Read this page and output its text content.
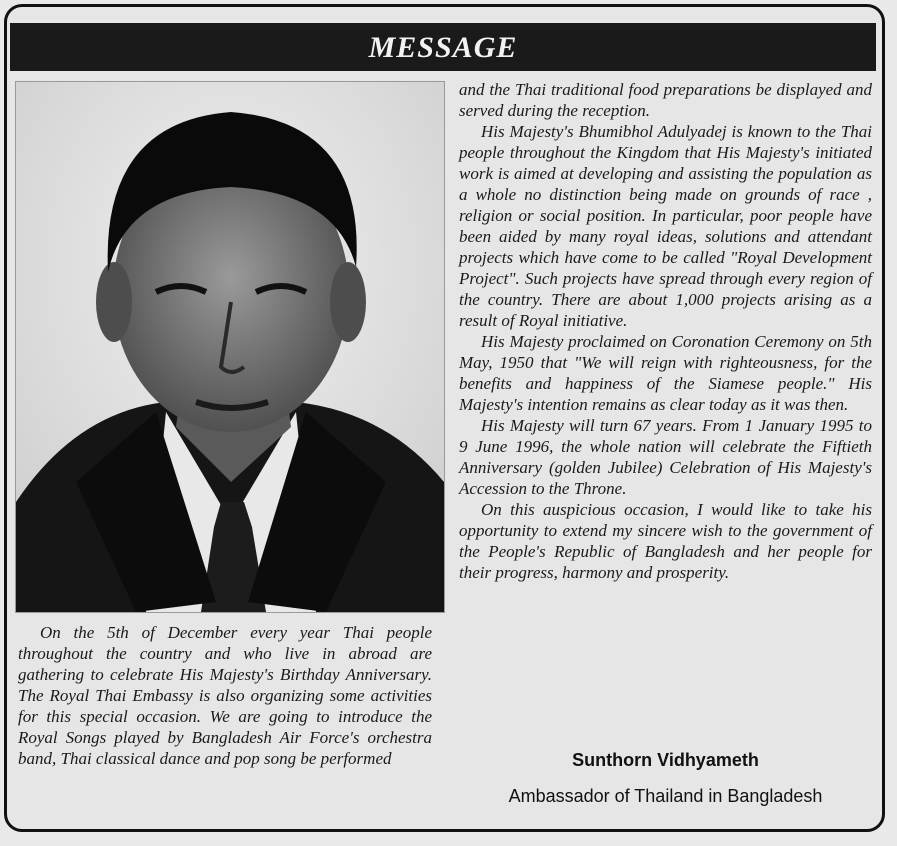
MESSAGE

On the 5th of December every year Thai people throughout the country and who live in abroad are gathering to celebrate His Majesty's Birthday Anniversary. The Royal Thai Embassy is also organizing some activities for this special occasion. We are going to introduce the Royal Songs played by Bangladesh Air Force's orchestra band, Thai classical dance and pop song be performed

and the Thai traditional food preparations be displayed and served during the reception.

His Majesty's Bhumibhol Adulyadej is known to the Thai people throughout the Kingdom that His Majesty's initiated work is aimed at developing and assisting the population as a whole no distinction being made on grounds of race , religion or social position. In particular, poor people have been aided by many royal ideas, solutions and attendant projects which have come to be called "Royal Development Project". Such projects have spread through every region of the country. There are about 1,000 projects arising as a result of Royal initiative.

His Majesty proclaimed on Coronation Ceremony on 5th May, 1950 that "We will reign with righteousness, for the benefits and happiness of the Siamese people." His Majesty's intention remains as clear today as it was then.

His Majesty will turn 67 years. From 1 January 1995 to 9 June 1996, the whole nation will celebrate the Fiftieth Anniversary (golden Jubilee) Celebration of His Majesty's Accession to the Throne.

On this auspicious occasion, I would like to take his opportunity to extend my sincere wish to the government of the People's Republic of Bangladesh and her people for their progress, harmony and prosperity.

Sunthorn Vidhyameth
Ambassador of Thailand in Bangladesh
